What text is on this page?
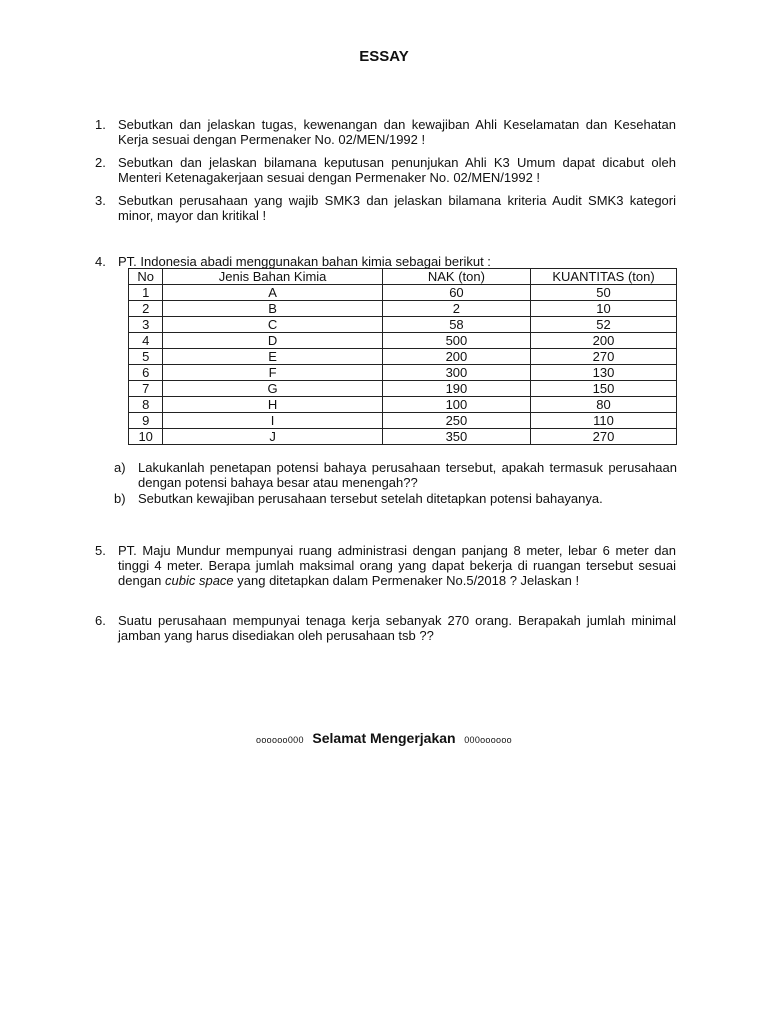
ESSAY
1. Sebutkan dan jelaskan tugas, kewenangan dan kewajiban Ahli Keselamatan dan Kesehatan Kerja sesuai dengan Permenaker No. 02/MEN/1992 !
2. Sebutkan dan jelaskan bilamana keputusan penunjukan Ahli K3 Umum dapat dicabut oleh Menteri Ketenagakerjaan sesuai dengan Permenaker No. 02/MEN/1992 !
3. Sebutkan perusahaan yang wajib SMK3 dan jelaskan bilamana kriteria Audit SMK3 kategori minor, mayor dan kritikal !
4. PT. Indonesia abadi menggunakan bahan kimia sebagai berikut :
No	Jenis Bahan Kimia	NAK (ton)	KUANTITAS (ton)
1	A	60	50
2	B	2	10
3	C	58	52
4	D	500	200
5	E	200	270
6	F	300	130
7	G	190	150
8	H	100	80
9	I	250	110
10	J	350	270
a) Lakukanlah penetapan potensi bahaya perusahaan tersebut, apakah termasuk perusahaan dengan potensi bahaya besar atau menengah??
b) Sebutkan kewajiban perusahaan tersebut setelah ditetapkan potensi bahayanya.
5. PT. Maju Mundur mempunyai ruang administrasi dengan panjang 8 meter, lebar 6 meter dan tinggi 4 meter. Berapa jumlah maksimal orang yang dapat bekerja di ruangan tersebut sesuai dengan cubic space yang ditetapkan dalam Permenaker No.5/2018 ? Jelaskan !
6. Suatu perusahaan mempunyai tenaga kerja sebanyak 270 orang. Berapakah jumlah minimal jamban yang harus disediakan oleh perusahaan tsb ??
oooooo000 Selamat Mengerjakan 000oooooo
